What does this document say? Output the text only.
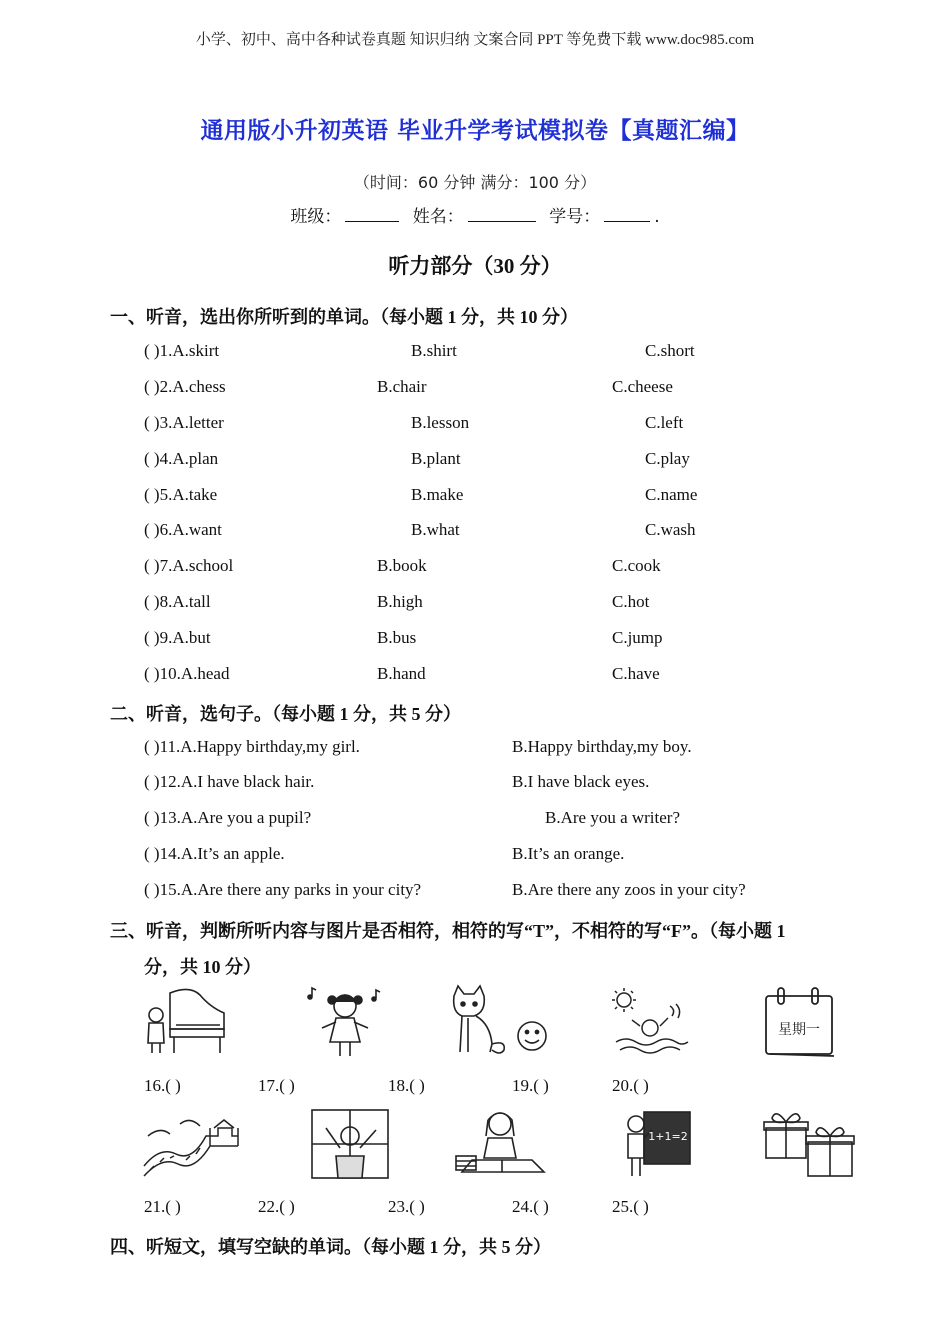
小学、初中、高中各种试卷真题 知识归纳 文案合同 PPT 等免费下载 www.doc985.com
通用版小升初英语 毕业升学考试模拟卷【真题汇编】
（时间：60 分钟 满分：100 分）
班级：	姓名：	学号：	.
听力部分（30 分）
一、听音，选出你所听到的单词。（每小题 1 分，共 10 分）
( )1.A.skirt	B.shirt	C.short
( )2.A.chess	B.chair	C.cheese
( )3.A.letter	B.lesson	C.left
( )4.A.plan	B.plant	C.play
( )5.A.take	B.make	C.name
( )6.A.want	B.what	C.wash
( )7.A.school	B.book	C.cook
( )8.A.tall	B.high	C.hot
( )9.A.but	B.bus	C.jump
( )10.A.head	B.hand	C.have
二、听音，选句子。（每小题 1 分，共 5 分）
( )11.A.Happy birthday,my girl.	B.Happy birthday,my boy.
( )12.A.I have black hair.	B.I have black eyes.
( )13.A.Are you a pupil?	B.Are you a writer?
( )14.A.It’s an apple.	B.It’s an orange.
( )15.A.Are there any parks in your city?	B.Are there any zoos in your city?
三、听音，判断所听内容与图片是否相符，相符的写“T”，不相符的写“F”。（每小题 1
分，共 10 分）
星期一
16.( )	17.( )	18.( )	19.( )	20.( )
1+1=2
21.( )	22.( )	23.( )	24.( )	25.( )
四、听短文，填写空缺的单词。（每小题 1 分，共 5 分）
